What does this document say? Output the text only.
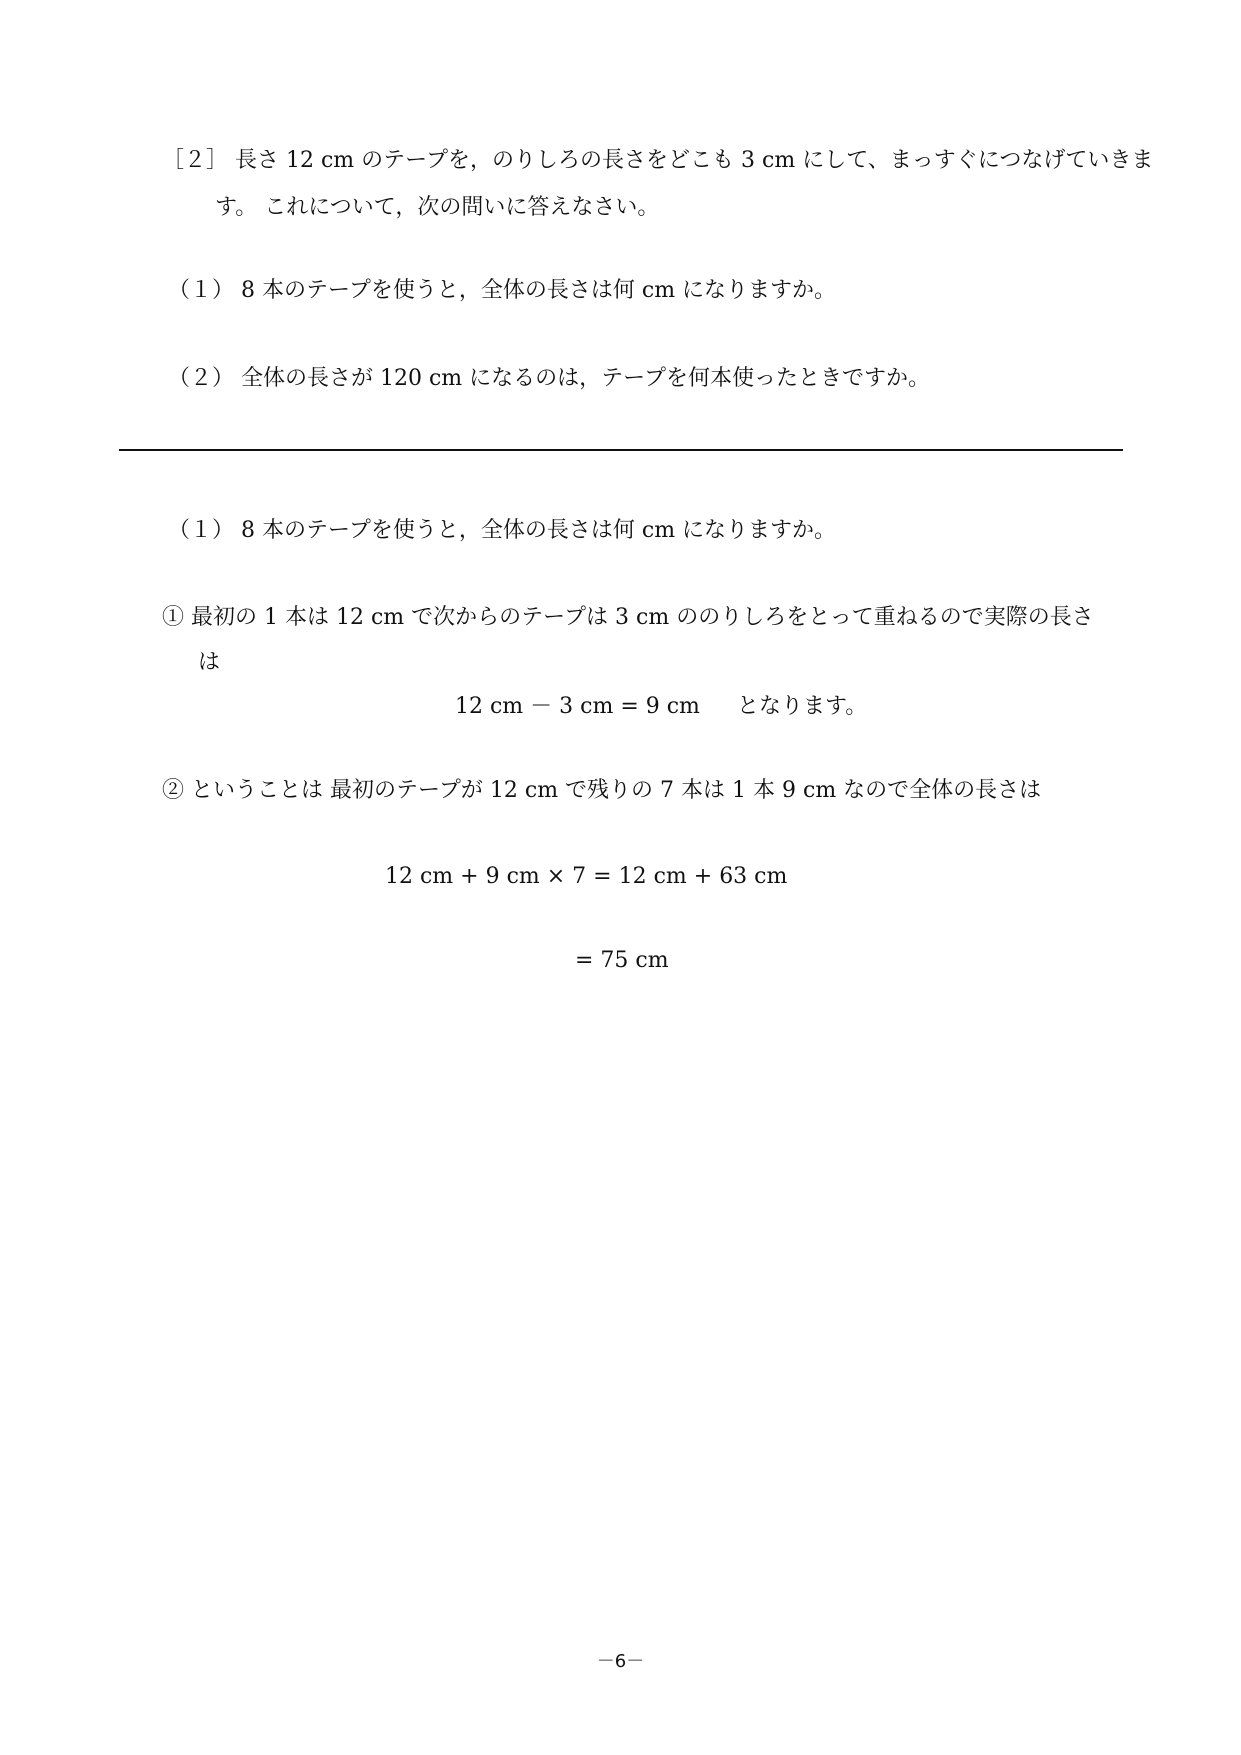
［２］ 長さ 12 cm のテープを，のりしろの長さをどこも 3 cm にして、まっすぐにつなげていきま
す。 これについて，次の問いに答えなさい。
（１） 8 本のテープを使うと，全体の長さは何 cm になりますか。
（２） 全体の長さが 120 cm になるのは，テープを何本使ったときですか。
（１） 8 本のテープを使うと，全体の長さは何 cm になりますか。
① 最初の 1 本は 12 cm で次からのテープは 3 cm ののりしろをとって重ねるので実際の長さ
は
12 cm － 3 cm = 9 cm となります。
② ということは 最初のテープが 12 cm で残りの 7 本は 1 本 9 cm なので全体の長さは
12 cm + 9 cm × 7 = 12 cm + 63 cm
= 75 cm
－6－
